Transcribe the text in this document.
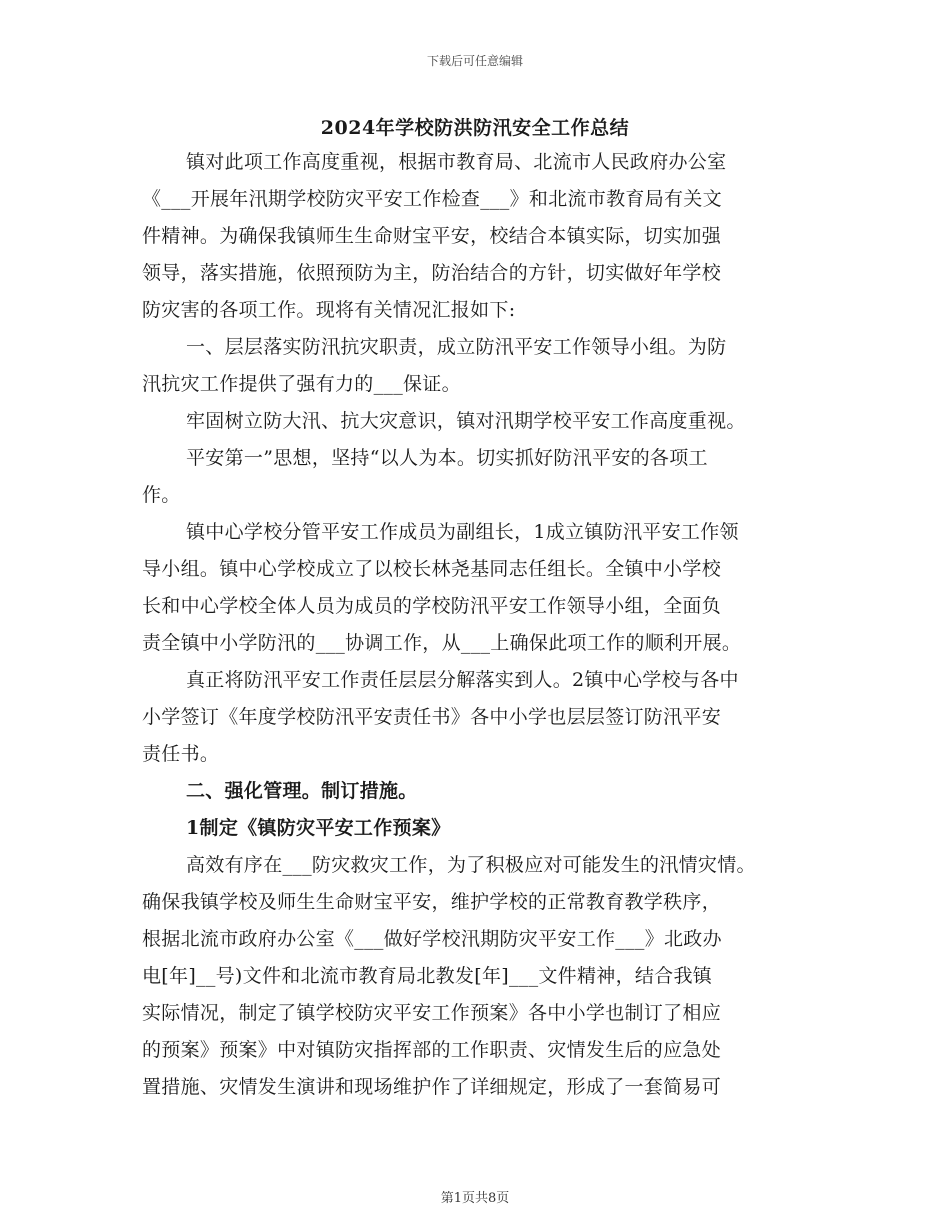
下载后可任意编辑
2024年学校防洪防汛安全工作总结
镇对此项工作高度重视，根据市教育局、北流市人民政府办公室
《___开展年汛期学校防灾平安工作检查___》和北流市教育局有关文
件精神。为确保我镇师生生命财宝平安，校结合本镇实际，切实加强
领导，落实措施，依照预防为主，防治结合的方针，切实做好年学校
防灾害的各项工作。现将有关情况汇报如下:
一、层层落实防汛抗灾职责，成立防汛平安工作领导小组。为防
汛抗灾工作提供了强有力的___保证。
牢固树立防大汛、抗大灾意识，镇对汛期学校平安工作高度重视。
平安第一”思想，坚持“以人为本。切实抓好防汛平安的各项工
作。
镇中心学校分管平安工作成员为副组长，1成立镇防汛平安工作领
导小组。镇中心学校成立了以校长林尧基同志任组长。全镇中小学校
长和中心学校全体人员为成员的学校防汛平安工作领导小组，全面负
责全镇中小学防汛的___协调工作，从___上确保此项工作的顺利开展。
真正将防汛平安工作责任层层分解落实到人。2镇中心学校与各中
小学签订《年度学校防汛平安责任书》各中小学也层层签订防汛平安
责任书。
二、强化管理。制订措施。
1制定《镇防灾平安工作预案》
高效有序在___防灾救灾工作，为了积极应对可能发生的汛情灾情。
确保我镇学校及师生生命财宝平安，维护学校的正常教育教学秩序，
根据北流市政府办公室《___做好学校汛期防灾平安工作___》北政办
电[年]__号)文件和北流市教育局北教发[年]___文件精神，结合我镇
实际情况，制定了镇学校防灾平安工作预案》各中小学也制订了相应
的预案》预案》中对镇防灾指挥部的工作职责、灾情发生后的应急处
置措施、灾情发生演讲和现场维护作了详细规定，形成了一套简易可
第1页共8页
